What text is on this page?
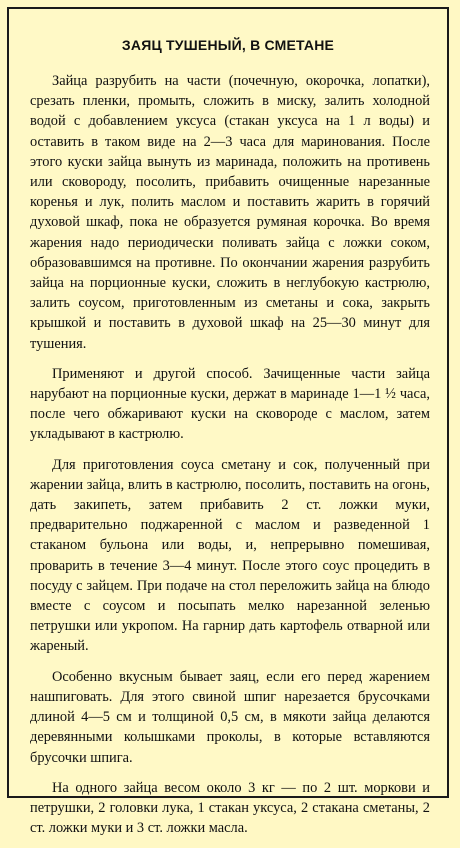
ЗАЯЦ ТУШЕНЫЙ, В СМЕТАНЕ

Зайца разрубить на части (почечную, окорочка, лопатки), срезать пленки, промыть, сложить в миску, залить холодной водой с добавлением уксуса (стакан уксуса на 1 л воды) и оставить в таком виде на 2—3 часа для маринования. После этого куски зайца вынуть из маринада, положить на противень или сковороду, посолить, прибавить очищенные нарезанные коренья и лук, полить маслом и поставить жарить в горячий духовой шкаф, пока не образуется румяная корочка. Во время жарения надо периодически поливать зайца с ложки соком, образовавшимся на противне. По окончании жарения разрубить зайца на порционные куски, сложить в неглубокую кастрюлю, залить соусом, приготовленным из сметаны и сока, закрыть крышкой и поставить в духовой шкаф на 25—30 минут для тушения.

Применяют и другой способ. Зачищенные части зайца нарубают на порционные куски, держат в маринаде 1—1 ½ часа, после чего обжаривают куски на сковороде с маслом, затем укладывают в кастрюлю.

Для приготовления соуса сметану и сок, полученный при жарении зайца, влить в кастрюлю, посолить, поставить на огонь, дать закипеть, затем прибавить 2 ст. ложки муки, предварительно поджаренной с маслом и разведенной 1 стаканом бульона или воды, и, непрерывно помешивая, проварить в течение 3—4 минут. После этого соус процедить в посуду с зайцем. При подаче на стол переложить зайца на блюдо вместе с соусом и посыпать мелко нарезанной зеленью петрушки или укропом. На гарнир дать картофель отварной или жареный.

Особенно вкусным бывает заяц, если его перед жарением нашпиговать. Для этого свиной шпиг нарезается брусочками длиной 4—5 см и толщиной 0,5 см, в мякоти зайца делаются деревянными колышками проколы, в которые вставляются брусочки шпига.

На одного зайца весом около 3 кг — по 2 шт. моркови и петрушки, 2 головки лука, 1 стакан уксуса, 2 стакана сметаны, 2 ст. ложки муки и 3 ст. ложки масла.
